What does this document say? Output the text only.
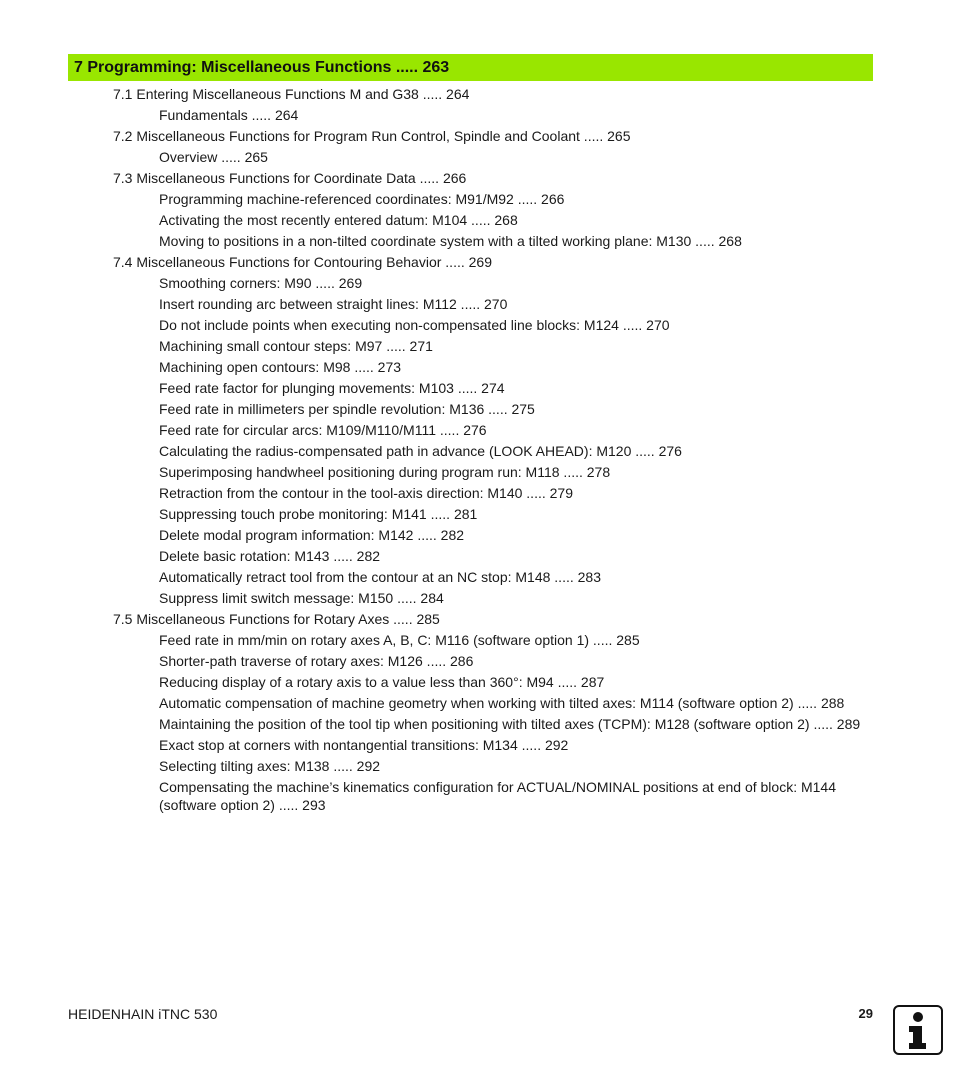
7 Programming: Miscellaneous Functions ..... 263
7.1 Entering Miscellaneous Functions M and G38 ..... 264
Fundamentals ..... 264
7.2 Miscellaneous Functions for Program Run Control, Spindle and Coolant ..... 265
Overview ..... 265
7.3 Miscellaneous Functions for Coordinate Data ..... 266
Programming machine-referenced coordinates: M91/M92 ..... 266
Activating the most recently entered datum: M104 ..... 268
Moving to positions in a non-tilted coordinate system with a tilted working plane: M130 ..... 268
7.4 Miscellaneous Functions for Contouring Behavior ..... 269
Smoothing corners: M90 ..... 269
Insert rounding arc between straight lines: M112 ..... 270
Do not include points when executing non-compensated line blocks: M124 ..... 270
Machining small contour steps: M97 ..... 271
Machining open contours: M98 ..... 273
Feed rate factor for plunging movements: M103 ..... 274
Feed rate in millimeters per spindle revolution: M136 ..... 275
Feed rate for circular arcs: M109/M110/M111 ..... 276
Calculating the radius-compensated path in advance (LOOK AHEAD): M120 ..... 276
Superimposing handwheel positioning during program run: M118 ..... 278
Retraction from the contour in the tool-axis direction: M140 ..... 279
Suppressing touch probe monitoring: M141 ..... 281
Delete modal program information: M142 ..... 282
Delete basic rotation: M143 ..... 282
Automatically retract tool from the contour at an NC stop: M148 ..... 283
Suppress limit switch message: M150 ..... 284
7.5 Miscellaneous Functions for Rotary Axes ..... 285
Feed rate in mm/min on rotary axes A, B, C: M116 (software option 1) ..... 285
Shorter-path traverse of rotary axes: M126 ..... 286
Reducing display of a rotary axis to a value less than 360°: M94 ..... 287
Automatic compensation of machine geometry when working with tilted axes: M114 (software option 2) ..... 288
Maintaining the position of the tool tip when positioning with tilted axes (TCPM): M128 (software option 2) ..... 289
Exact stop at corners with nontangential transitions: M134 ..... 292
Selecting tilting axes: M138 ..... 292
Compensating the machine’s kinematics configuration for ACTUAL/NOMINAL positions at end of block: M144 (software option 2) ..... 293
HEIDENHAIN iTNC 530	29
